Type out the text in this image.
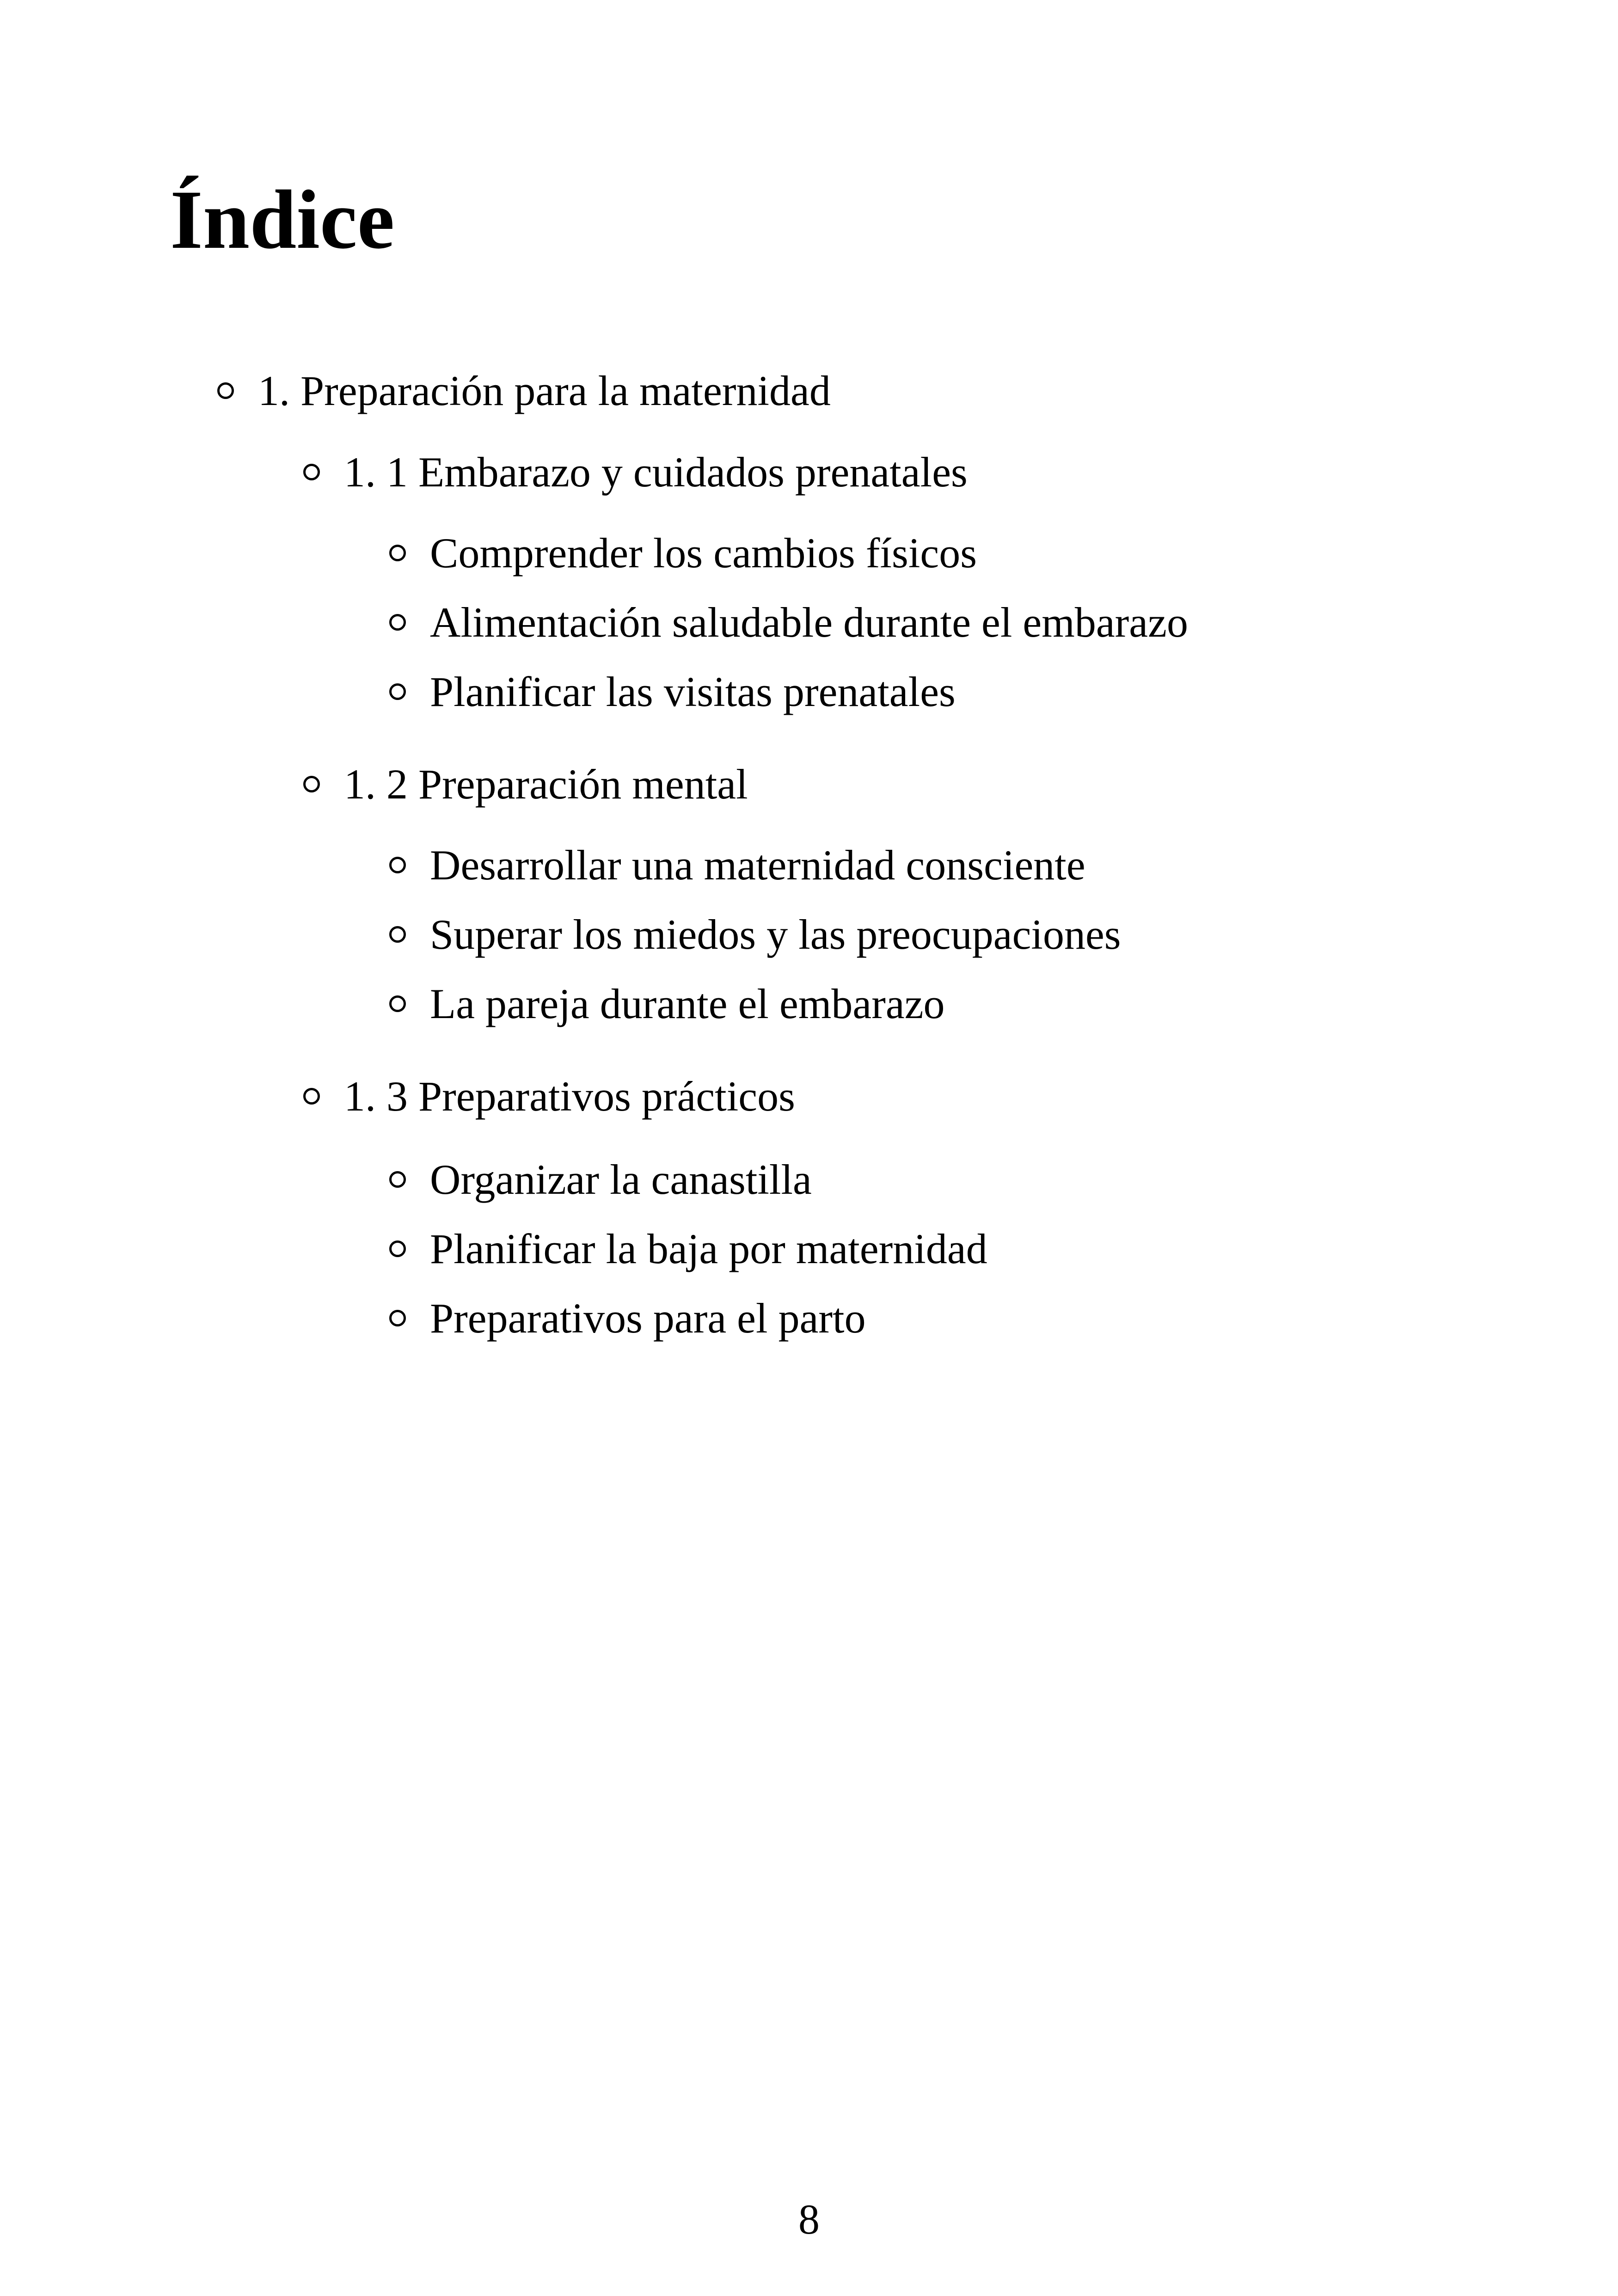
Índice
1. Preparación para la maternidad
1. 1 Embarazo y cuidados prenatales
Comprender los cambios físicos
Alimentación saludable durante el embarazo
Planificar las visitas prenatales
1. 2 Preparación mental
Desarrollar una maternidad consciente
Superar los miedos y las preocupaciones
La pareja durante el embarazo
1. 3 Preparativos prácticos
Organizar la canastilla
Planificar la baja por maternidad
Preparativos para el parto
8
